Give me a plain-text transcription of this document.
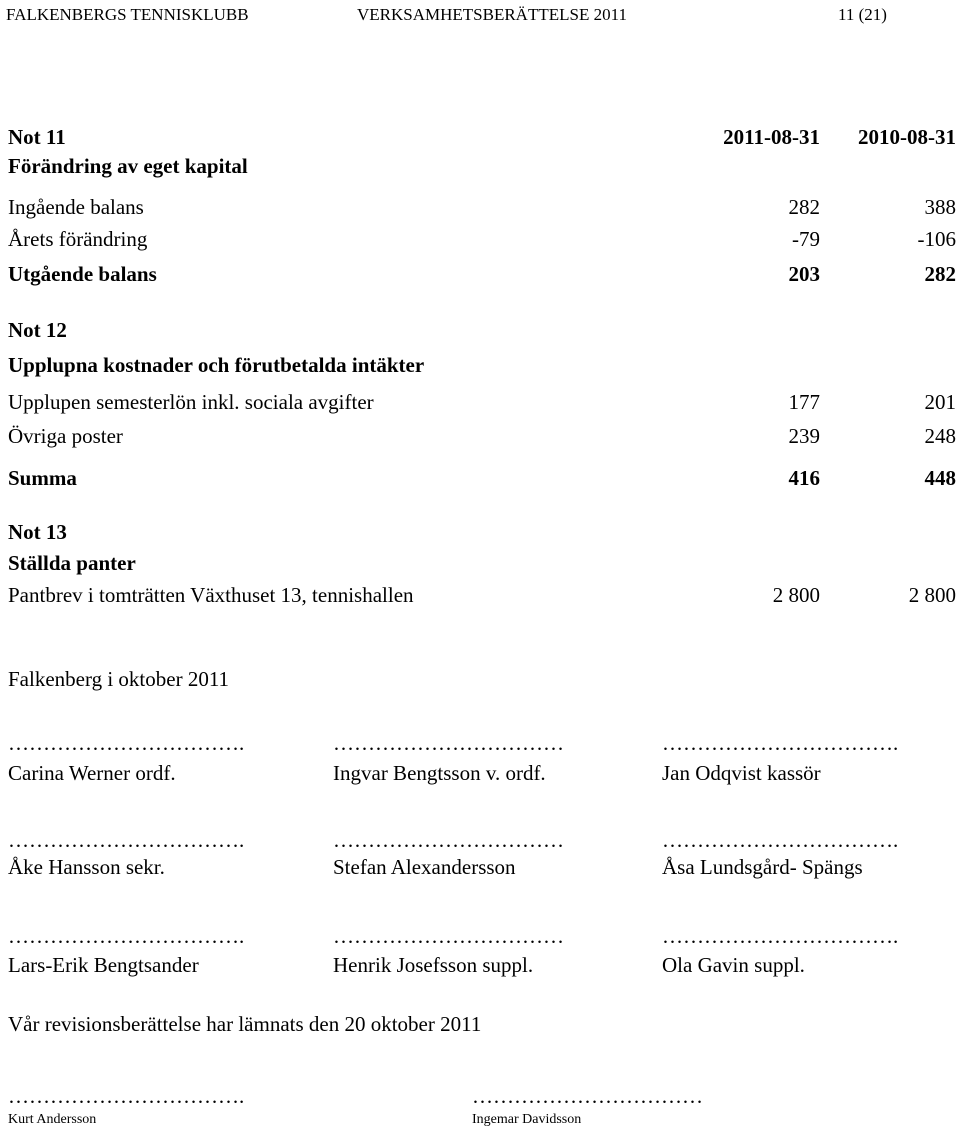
FALKENBERGS TENNISKLUBB	VERKSAMHETSBERÄTTELSE 2011	11 (21)
Not 11	2011-08-31 2010-08-31
Förändring av eget kapital
Ingående balans	282	388
Årets förändring	-79	-106
Utgående balans	203	282
Not 12
Upplupna kostnader och förutbetalda intäkter
Upplupen semesterlön inkl. sociala avgifter	177	201
Övriga poster	239	248
Summa	416	448
Not 13
Ställda panter
Pantbrev i tomträtten Växthuset 13, tennishallen	2 800	2 800
Falkenberg i oktober 2011
…………………………….	……………………………	…………………………….
Carina Werner ordf.	Ingvar Bengtsson v. ordf.	Jan Odqvist kassör
…………………………….	……………………………	…………………………….
Åke Hansson sekr.	Stefan Alexandersson	Åsa Lundsgård- Spängs
…………………………….	……………………………	…………………………….
Lars-Erik Bengtsander	Henrik Josefsson suppl.	Ola Gavin suppl.
Vår revisionsberättelse har lämnats den 20 oktober 2011
…………………………….	……………………………
Kurt Andersson	Ingemar Davidsson
